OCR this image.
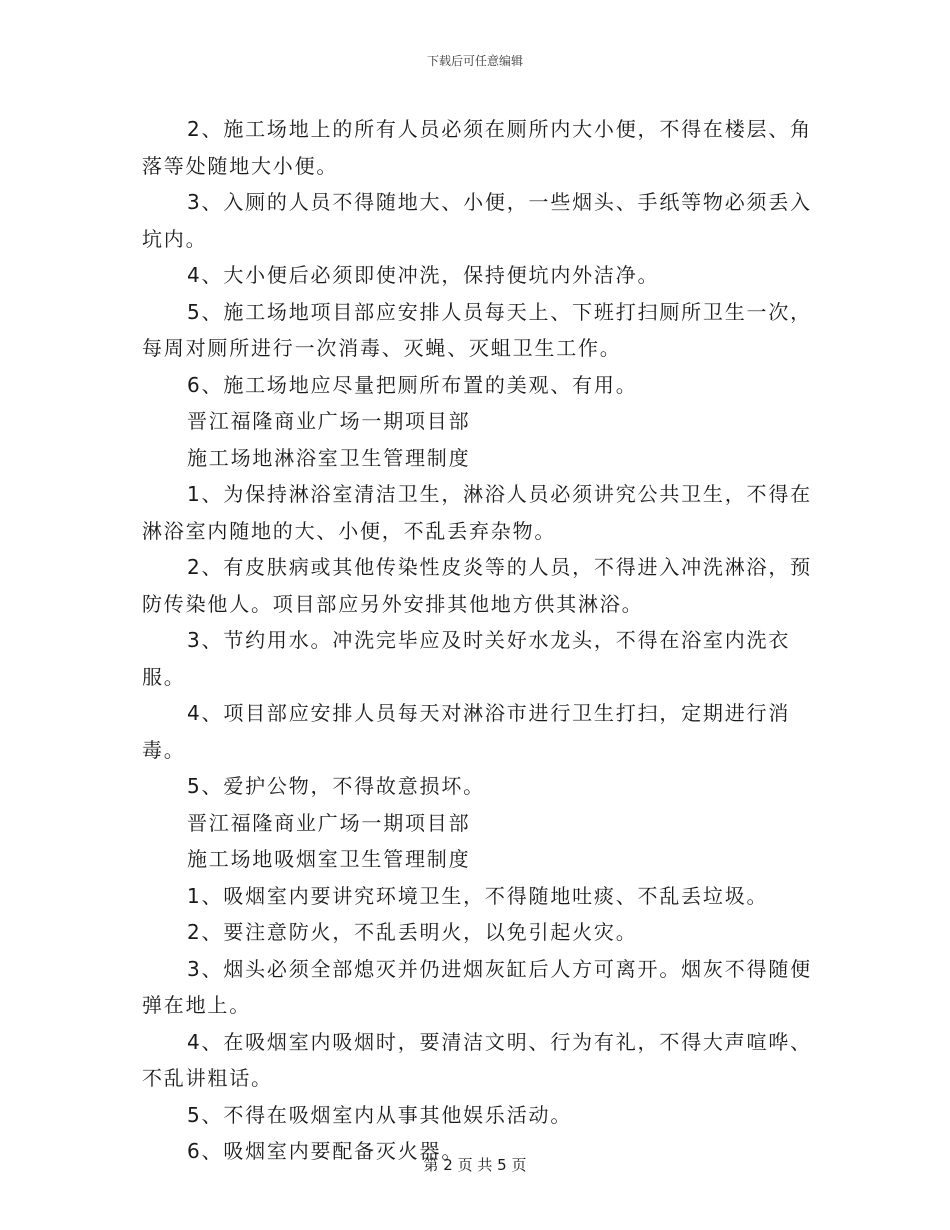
下载后可任意编辑

2、施工场地上的所有人员必须在厕所内大小便，不得在楼层、角落等处随地大小便。

3、入厕的人员不得随地大、小便，一些烟头、手纸等物必须丢入坑内。

4、大小便后必须即使冲洗，保持便坑内外洁净。

5、施工场地项目部应安排人员每天上、下班打扫厕所卫生一次，每周对厕所进行一次消毒、灭蝇、灭蛆卫生工作。

6、施工场地应尽量把厕所布置的美观、有用。

晋江福隆商业广场一期项目部

施工场地淋浴室卫生管理制度

1、为保持淋浴室清洁卫生，淋浴人员必须讲究公共卫生，不得在淋浴室内随地的大、小便，不乱丢弃杂物。

2、有皮肤病或其他传染性皮炎等的人员，不得进入冲洗淋浴，预防传染他人。项目部应另外安排其他地方供其淋浴。

3、节约用水。冲洗完毕应及时关好水龙头，不得在浴室内洗衣服。

4、项目部应安排人员每天对淋浴市进行卫生打扫，定期进行消毒。

5、爱护公物，不得故意损坏。

晋江福隆商业广场一期项目部

施工场地吸烟室卫生管理制度

1、吸烟室内要讲究环境卫生，不得随地吐痰、不乱丢垃圾。

2、要注意防火，不乱丢明火，以免引起火灾。

3、烟头必须全部熄灭并仍进烟灰缸后人方可离开。烟灰不得随便弹在地上。

4、在吸烟室内吸烟时，要清洁文明、行为有礼，不得大声喧哗、不乱讲粗话。

5、不得在吸烟室内从事其他娱乐活动。

6、吸烟室内要配备灭火器。

第 2 页 共 5 页
